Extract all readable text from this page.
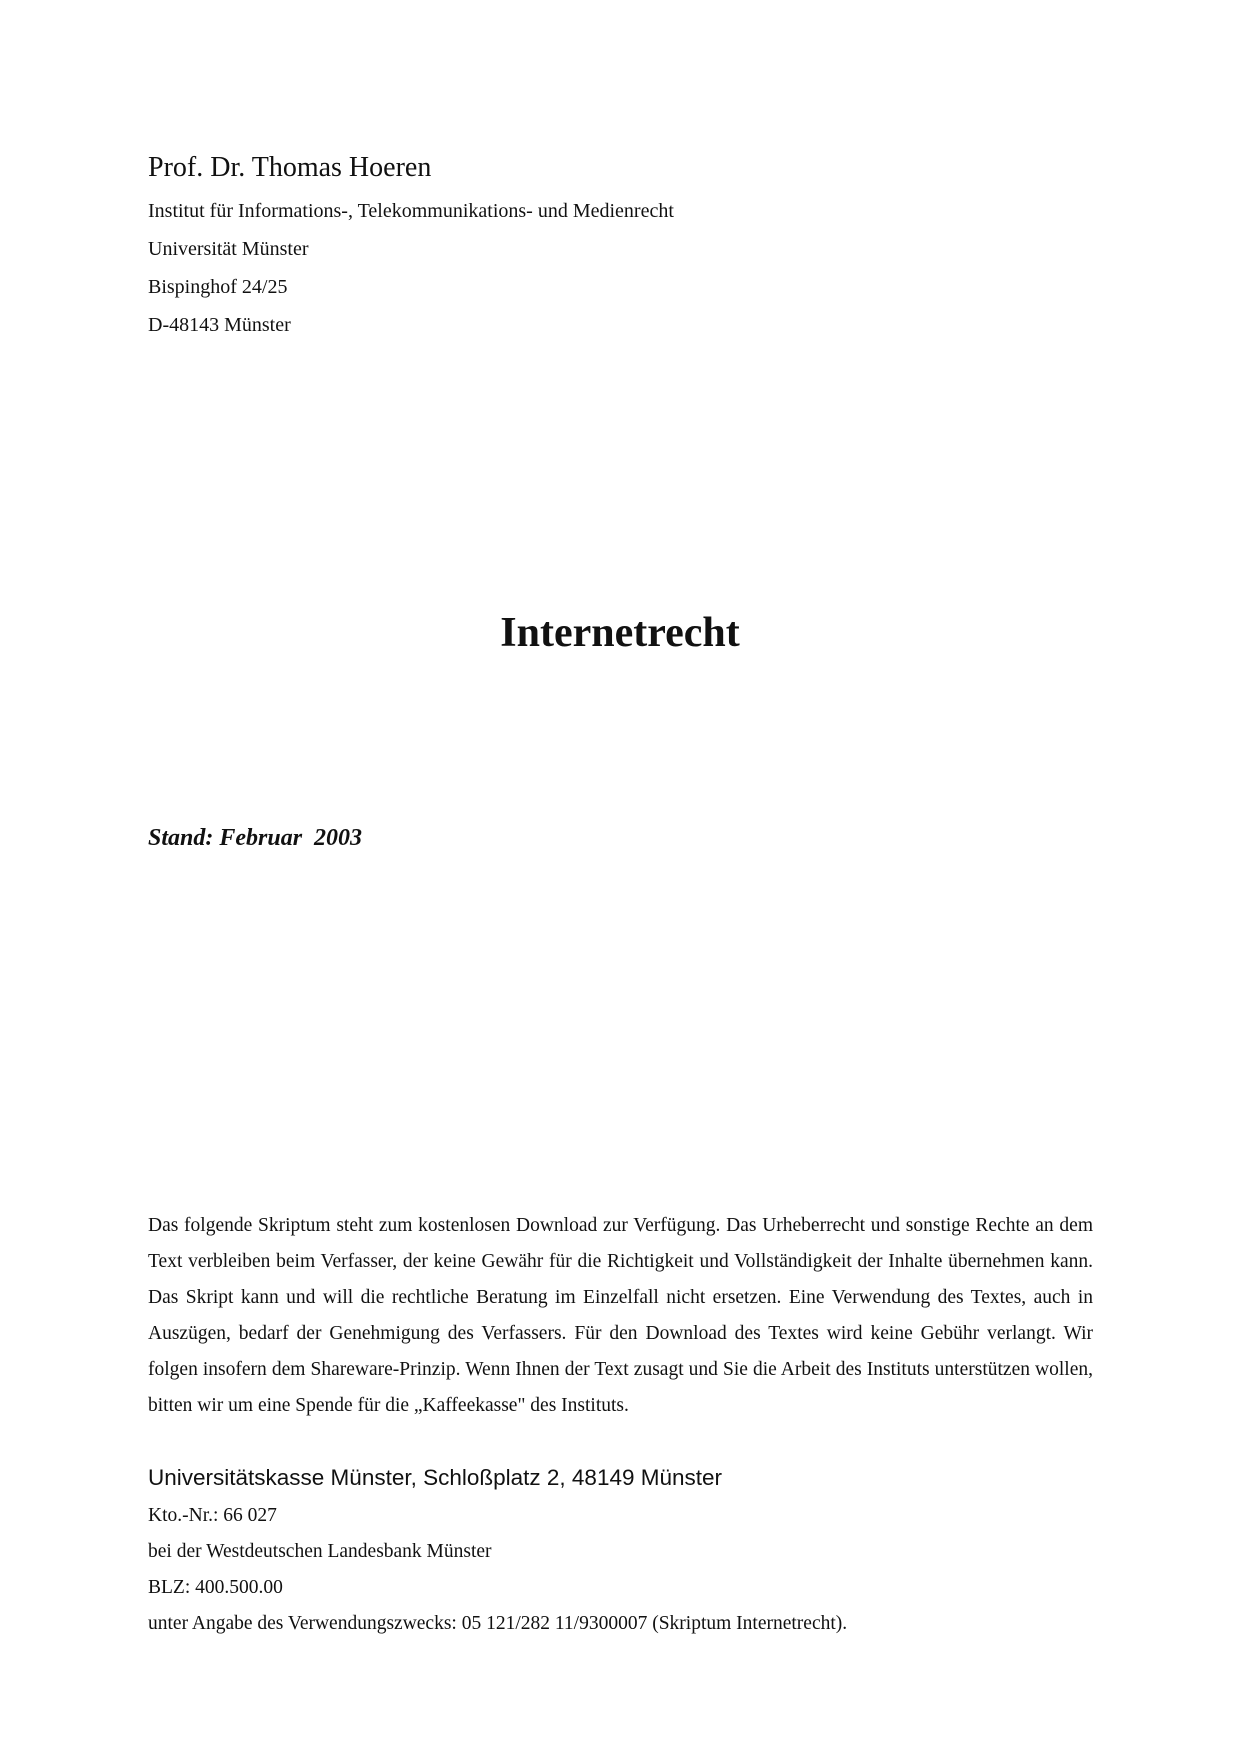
Prof. Dr. Thomas Hoeren

Institut für Informations-, Telekommunikations- und Medienrecht

Universität Münster

Bispinghof 24/25

D-48143 Münster

Internetrecht

Stand: Februar  2003

Das folgende Skriptum steht zum kostenlosen Download zur Verfügung. Das Urheberrecht und sonstige Rechte an dem Text verbleiben beim Verfasser, der keine Gewähr für die Richtigkeit und Vollständigkeit der Inhalte übernehmen kann. Das Skript kann und will die rechtliche Beratung im Einzelfall nicht ersetzen. Eine Verwendung des Textes, auch in Auszügen, bedarf der Genehmigung des Verfassers. Für den Download des Textes wird keine Gebühr verlangt. Wir folgen insofern dem Shareware-Prinzip. Wenn Ihnen der Text zusagt und Sie die Arbeit des Instituts unterstützen wollen, bitten wir um eine Spende für die „Kaffeekasse" des Instituts.

Universitätskasse Münster, Schloßplatz 2, 48149 Münster

Kto.-Nr.: 66 027

bei der Westdeutschen Landesbank Münster

BLZ: 400.500.00

unter Angabe des Verwendungszwecks: 05 121/282 11/9300007 (Skriptum Internetrecht).
